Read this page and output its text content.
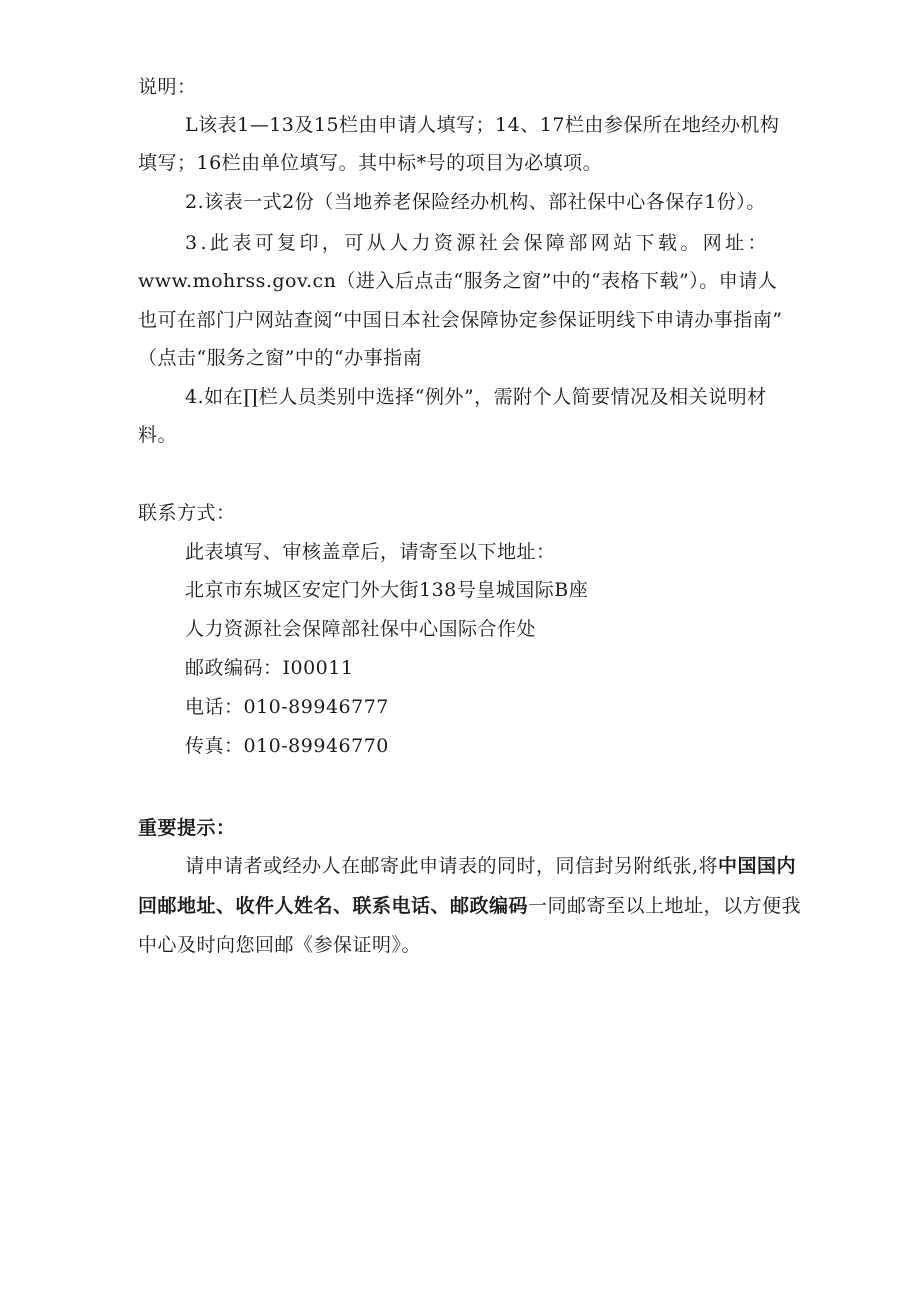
说明：
L该表1—13及15栏由申请人填写；14、17栏由参保所在地经办机构
填写；16栏由单位填写。其中标*号的项目为必填项。
2.该表一式2份（当地养老保险经办机构、部社保中心各保存1份）。
3.此表可复印，可从人力资源社会保障部网站下载。网址：
www.mohrss.gov.cn（进入后点击“服务之窗”中的“表格下载”）。申请人
也可在部门户网站查阅“中国日本社会保障协定参保证明线下申请办事指南”
（点击“服务之窗”中的“办事指南
4.如在∏栏人员类别中选择“例外”，需附个人简要情况及相关说明材
料。
联系方式：
此表填写、审核盖章后，请寄至以下地址：
北京市东城区安定门外大街138号皇城国际B座
人力资源社会保障部社保中心国际合作处
邮政编码：I00011
电话：010-89946777
传真：010-89946770
重要提示：
请申请者或经办人在邮寄此申请表的同时，同信封另附纸张,将中国国内
回邮地址、收件人姓名、联系电话、邮政编码一同邮寄至以上地址，以方便我
中心及时向您回邮《参保证明》。
